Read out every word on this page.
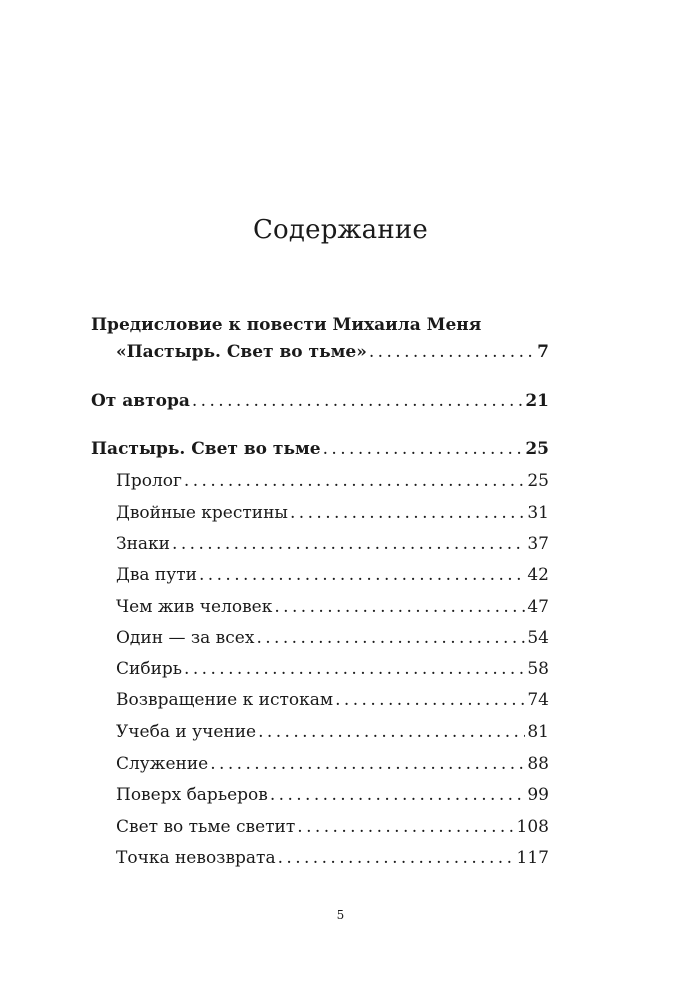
Содержание
Предисловие к повести Михаила Меня
«Пастырь. Свет во тьме» . . .	7
От автора . . .	21
Пастырь. Свет во тьме . . .	25
Пролог . . .	25
Двойные крестины . . .	31
Знаки . . .	37
Два пути . . .	42
Чем жив человек . . .	47
Один — за всех . . .	54
Сибирь . . .	58
Возвращение к истокам . . .	74
Учеба и учение . . .	81
Служение . . .	88
Поверх барьеров . . .	99
Свет во тьме светит . . .	108
Точка невозврата . . .	117
5
